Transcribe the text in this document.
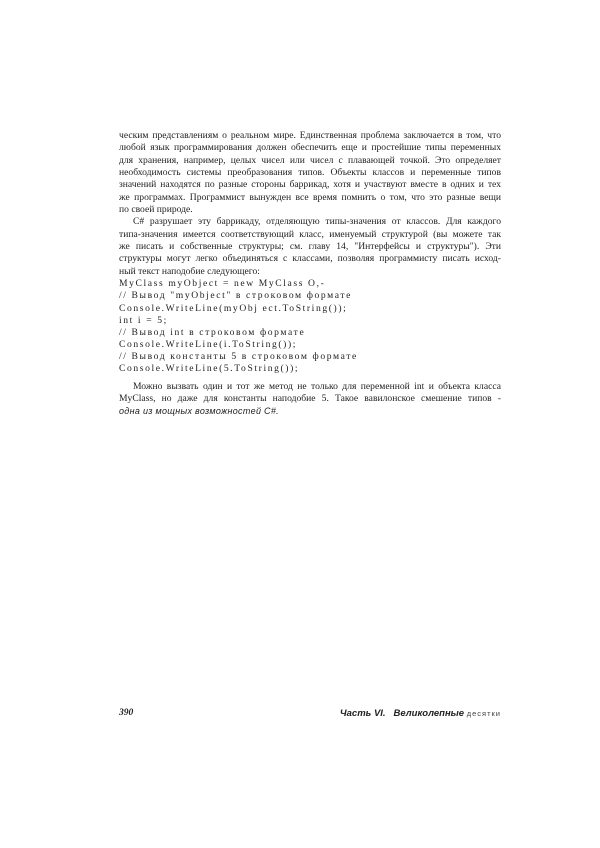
ческим представлениям о реальном мире. Единственная проблема заключается в том, что
любой язык программирования должен обеспечить еще и простейшие типы переменных
для хранения, например, целых чисел или чисел с плавающей точкой. Это определяет
необходимость системы преобразования типов. Объекты классов и переменные типов
значений находятся по разные стороны баррикад, хотя и участвуют вместе в одних и тех
же программах. Программист вынужден все время помнить о том, что это разные вещи
по своей природе.
C# разрушает эту баррикаду, отделяющую типы-значения от классов. Для каждого
типа-значения имеется соответствующий класс, именуемый структурой (вы можете так
же писать и собственные структуры; см. главу 14, "Интерфейсы и структуры"). Эти
структуры могут легко объединяться с классами, позволяя программисту писать исход-
ный текст наподобие следующего:
MyClass myObject = new MyClass O,-
// Вывод "myObject" в строковом формате
Console.WriteLine(myObj ect.ToString());
int i = 5;
// Вывод int в строковом формате
Console.WriteLine(i.ToString());
// Вывод константы 5 в строковом формате
Console.WriteLine(5.ToString());
Можно вызвать один и тот же метод не только для переменной int и объекта класса
MyClass, но даже для константы наподобие 5. Такое вавилонское смешение типов -
одна из мощных возможностей C#.
390	Часть VI. Великолепные десятки
